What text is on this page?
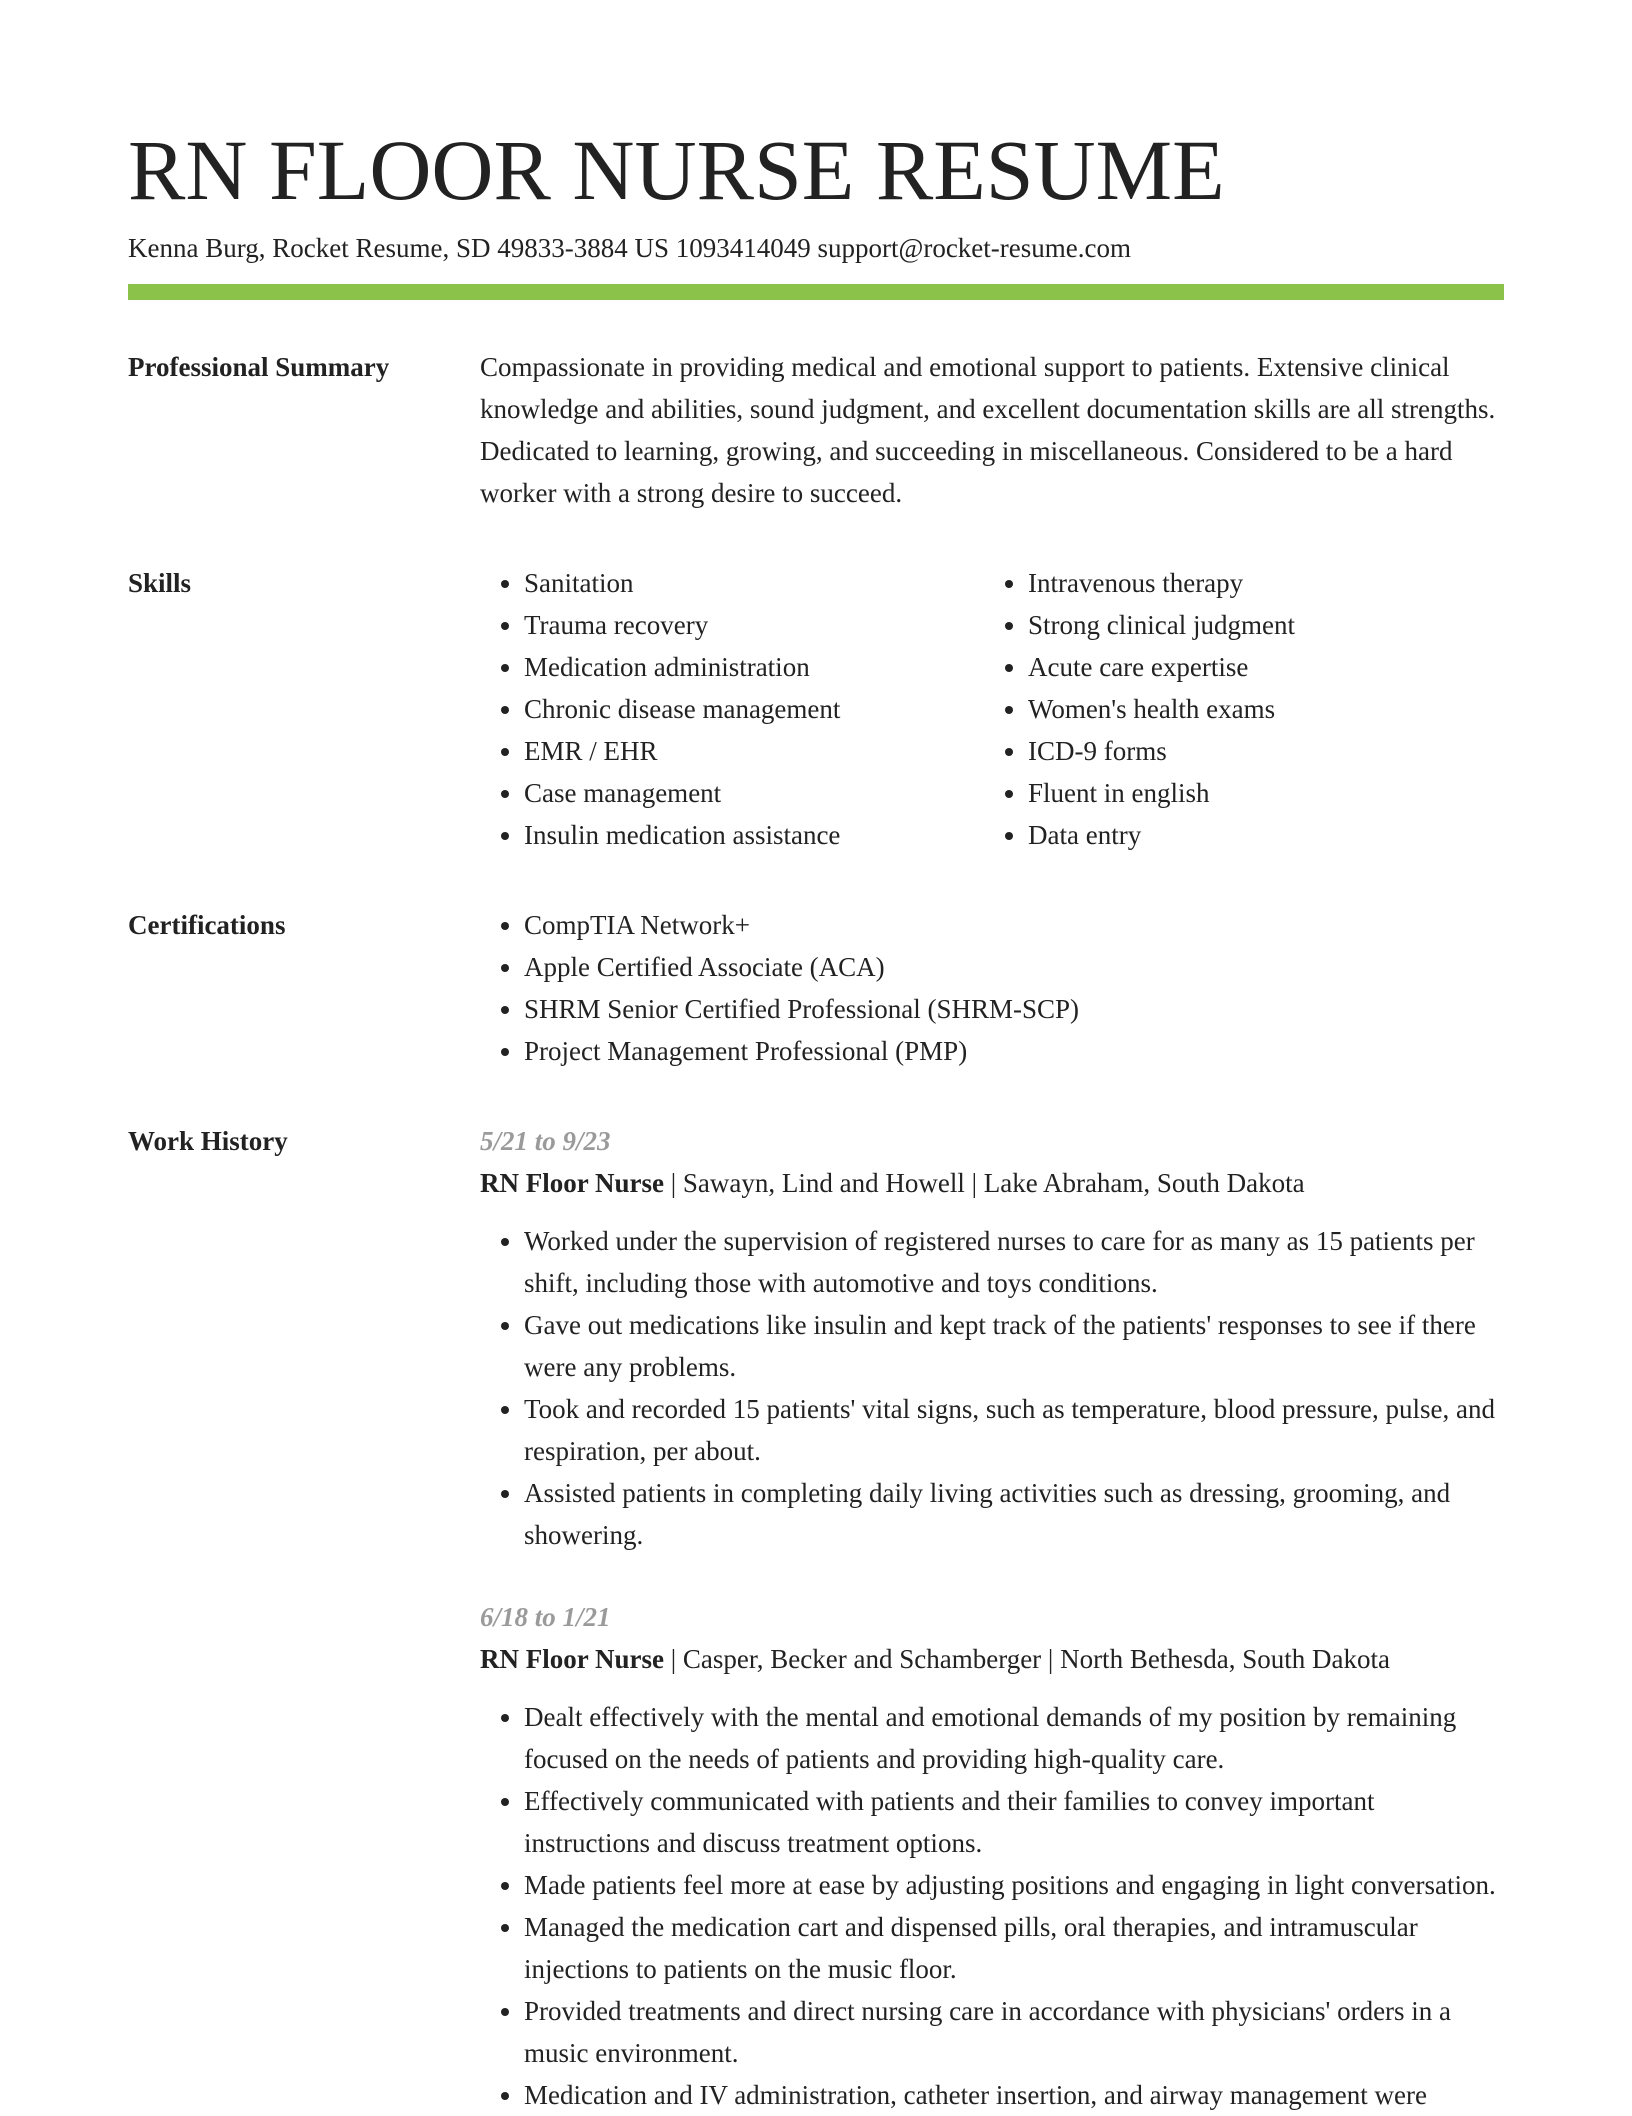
RN FLOOR NURSE RESUME
Kenna Burg, Rocket Resume, SD 49833-3884 US 1093414049 support@rocket-resume.com
Professional Summary	Compassionate in providing medical and emotional support to patients. Extensive clinical knowledge and abilities, sound judgment, and excellent documentation skills are all strengths. Dedicated to learning, growing, and succeeding in miscellaneous. Considered to be a hard worker with a strong desire to succeed.
Skills	• Sanitation
• Trauma recovery
• Medication administration
• Chronic disease management
• EMR / EHR
• Case management
• Insulin medication assistance
• Intravenous therapy
• Strong clinical judgment
• Acute care expertise
• Women's health exams
• ICD-9 forms
• Fluent in english
• Data entry
Certifications	• CompTIA Network+
• Apple Certified Associate (ACA)
• SHRM Senior Certified Professional (SHRM-SCP)
• Project Management Professional (PMP)
Work History	5/21 to 9/23
RN Floor Nurse | Sawayn, Lind and Howell | Lake Abraham, South Dakota
• Worked under the supervision of registered nurses to care for as many as 15 patients per shift, including those with automotive and toys conditions.
• Gave out medications like insulin and kept track of the patients' responses to see if there were any problems.
• Took and recorded 15 patients' vital signs, such as temperature, blood pressure, pulse, and respiration, per about.
• Assisted patients in completing daily living activities such as dressing, grooming, and showering.
6/18 to 1/21
RN Floor Nurse | Casper, Becker and Schamberger | North Bethesda, South Dakota
• Dealt effectively with the mental and emotional demands of my position by remaining focused on the needs of patients and providing high-quality care.
• Effectively communicated with patients and their families to convey important instructions and discuss treatment options.
• Made patients feel more at ease by adjusting positions and engaging in light conversation.
• Managed the medication cart and dispensed pills, oral therapies, and intramuscular injections to patients on the music floor.
• Provided treatments and direct nursing care in accordance with physicians' orders in a music environment.
• Medication and IV administration, catheter insertion, and airway management were
